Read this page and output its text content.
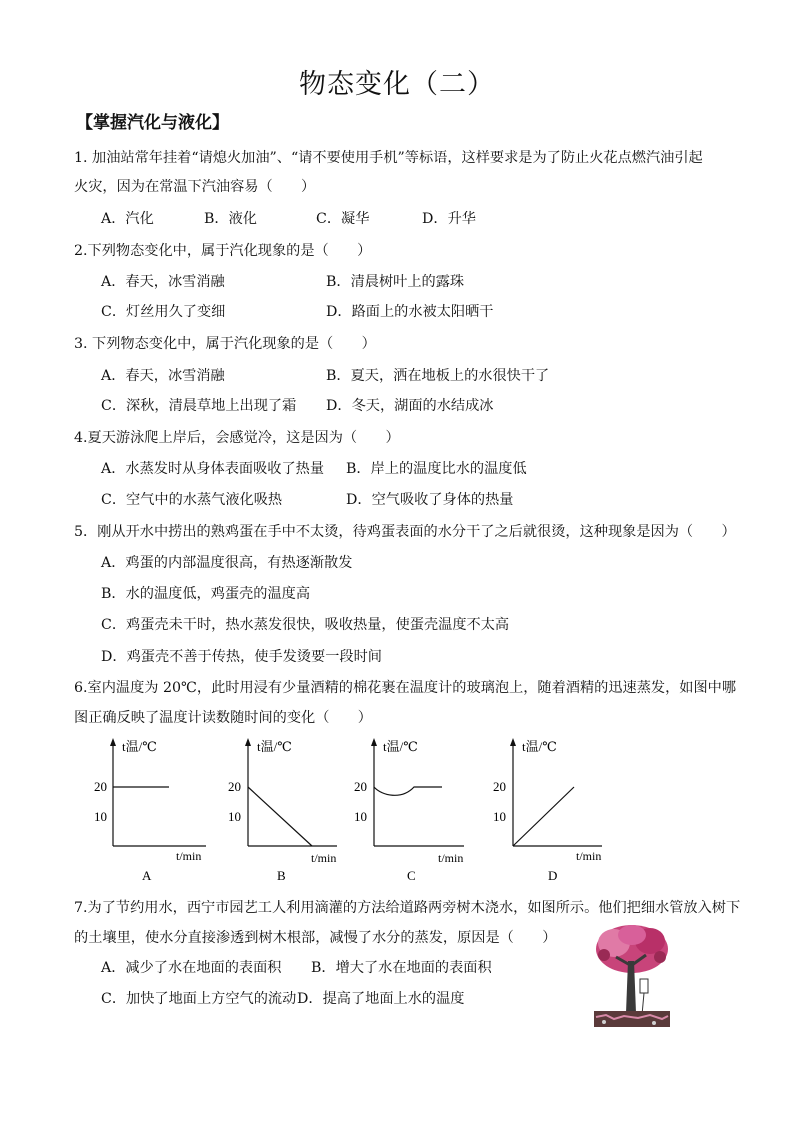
物态变化（二）
【掌握汽化与液化】
1. 加油站常年挂着“请熄火加油”、“请不要使用手机”等标语，这样要求是为了防止火花点燃汽油引起
火灾，因为在常温下汽油容易（　　）
A．汽化	B．液化	C．凝华	D．升华
2.下列物态变化中，属于汽化现象的是（　　）
A．春天，冰雪消融	B．清晨树叶上的露珠
C．灯丝用久了变细	D．路面上的水被太阳晒干
3. 下列物态变化中，属于汽化现象的是（　　）
A．春天，冰雪消融	B．夏天，洒在地板上的水很快干了
C．深秋，清晨草地上出现了霜 D．冬天，湖面的水结成冰
4.夏天游泳爬上岸后，会感觉冷，这是因为（　　）
A．水蒸发时从身体表面吸收了热量 B．岸上的温度比水的温度低
C．空气中的水蒸气液化吸热	D．空气吸收了身体的热量
5．刚从开水中捞出的熟鸡蛋在手中不太烫，待鸡蛋表面的水分干了之后就很烫，这种现象是因为（　　）
A．鸡蛋的内部温度很高，有热逐渐散发
B．水的温度低，鸡蛋壳的温度高
C．鸡蛋壳未干时，热水蒸发很快，吸收热量，使蛋壳温度不太高
D．鸡蛋壳不善于传热，使手发烫要一段时间
6.室内温度为 20℃，此时用浸有少量酒精的棉花裹在温度计的玻璃泡上，随着酒精的迅速蒸发，如图中哪
图正确反映了温度计读数随时间的变化（　　）
t温/℃
20
10
t/min
A
t温/℃
20
10
t/min
B
t温/℃
20
10
t/min
C
t温/℃
20
10
t/min
D
7.为了节约用水，西宁市园艺工人利用滴灌的方法给道路两旁树木浇水，如图所示。他们把细水管放入树下
的土壤里，使水分直接渗透到树木根部，减慢了水分的蒸发，原因是（　　）
A．减少了水在地面的表面积 B．增大了水在地面的表面积
C．加快了地面上方空气的流动 D．提高了地面上水的温度
